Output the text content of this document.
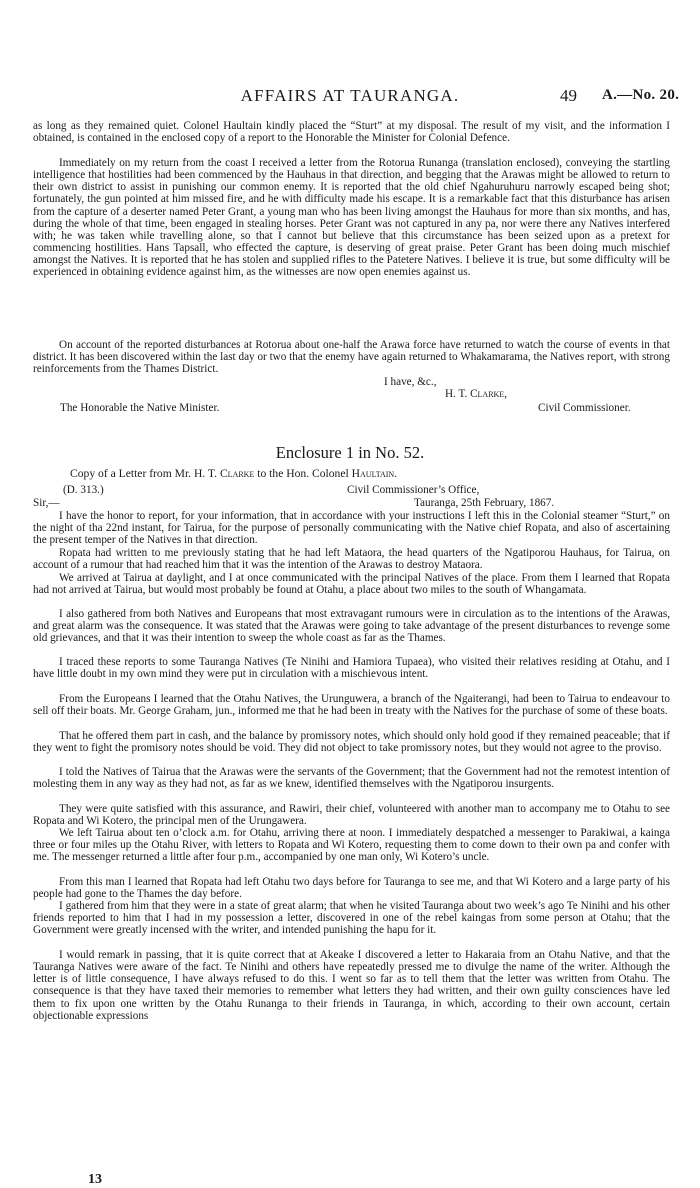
AFFAIRS AT TAURANGA.	49 A.—No. 20.
as long as they remained quiet. Colonel Haultain kindly placed the “Sturt” at my disposal. The result of my visit, and the information I obtained, is contained in the enclosed copy of a report to the Honorable the Minister for Colonial Defence.
Immediately on my return from the coast I received a letter from the Rotorua Runanga (translation enclosed), conveying the startling intelligence that hostilities had been commenced by the Hauhaus in that direction, and begging that the Arawas might be allowed to return to their own district to assist in punishing our common enemy. It is reported that the old chief Ngahuruhuru narrowly escaped being shot; fortunately, the gun pointed at him missed fire, and he with difficulty made his escape. It is a remarkable fact that this disturbance has arisen from the capture of a deserter named Peter Grant, a young man who has been living amongst the Hauhaus for more than six months, and has, during the whole of that time, been engaged in stealing horses. Peter Grant was not captured in any pa, nor were there any Natives interfered with; he was taken while travelling alone, so that I cannot but believe that this circumstance has been seized upon as a pretext for commencing hostilities. Hans Tapsall, who effected the capture, is deserving of great praise. Peter Grant has been doing much mischief amongst the Natives. It is reported that he has stolen and supplied rifles to the Patetere Natives. I believe it is true, but some difficulty will be experienced in obtaining evidence against him, as the witnesses are now open enemies against us.
On account of the reported disturbances at Rotorua about one-half the Arawa force have returned to watch the course of events in that district. It has been discovered within the last day or two that the enemy have again returned to Whakamarama, the Natives report, with strong reinforcements from the Thames District.
I have, &c.,
H. T. Clarke,
The Honorable the Native Minister.	Civil Commissioner.
Enclosure 1 in No. 52.
Copy of a Letter from Mr. H. T. Clarke to the Hon. Colonel Haultain.
(D. 313.)	Civil Commissioner’s Office,
Sir,—	Tauranga, 25th February, 1867.
I have the honor to report, for your information, that in accordance with your instructions I left this in the Colonial steamer “Sturt,” on the night of tha 22nd instant, for Tairua, for the purpose of personally communicating with the Native chief Ropata, and also of ascertaining the present temper of the Natives in that direction.
Ropata had written to me previously stating that he had left Mataora, the head quarters of the Ngatiporou Hauhaus, for Tairua, on account of a rumour that had reached him that it was the intention of the Arawas to destroy Mataora.
We arrived at Tairua at daylight, and I at once communicated with the principal Natives of the place. From them I learned that Ropata had not arrived at Tairua, but would most probably be found at Otahu, a place about two miles to the south of Whangamata.
I also gathered from both Natives and Europeans that most extravagant rumours were in circulation as to the intentions of the Arawas, and great alarm was the consequence. It was stated that the Arawas were going to take advantage of the present disturbances to revenge some old grievances, and that it was their intention to sweep the whole coast as far as the Thames.
I traced these reports to some Tauranga Natives (Te Ninihi and Hamiora Tupaea), who visited their relatives residing at Otahu, and I have little doubt in my own mind they were put in circulation with a mischievous intent.
From the Europeans I learned that the Otahu Natives, the Urunguwera, a branch of the Ngaiterangi, had been to Tairua to endeavour to sell off their boats. Mr. George Graham, jun., informed me that he had been in treaty with the Natives for the purchase of some of these boats.
That he offered them part in cash, and the balance by promissory notes, which should only hold good if they remained peaceable; that if they went to fight the promisory notes should be void. They did not object to take promissory notes, but they would not agree to the proviso.
I told the Natives of Tairua that the Arawas were the servants of the Government; that the Government had not the remotest intention of molesting them in any way as they had not, as far as we knew, identified themselves with the Ngatiporou insurgents.
They were quite satisfied with this assurance, and Rawiri, their chief, volunteered with another man to accompany me to Otahu to see Ropata and Wi Kotero, the principal men of the Urungawera.
We left Tairua about ten o’clock a.m. for Otahu, arriving there at noon. I immediately despatched a messenger to Parakiwai, a kainga three or four miles up the Otahu River, with letters to Ropata and Wi Kotero, requesting them to come down to their own pa and confer with me. The messenger returned a little after four p.m., accompanied by one man only, Wi Kotero’s uncle.
From this man I learned that Ropata had left Otahu two days before for Tauranga to see me, and that Wi Kotero and a large party of his people had gone to the Thames the day before.
I gathered from him that they were in a state of great alarm; that when he visited Tauranga about two week’s ago Te Ninihi and his other friends reported to him that I had in my possession a letter, discovered in one of the rebel kaingas from some person at Otahu; that the Government were greatly incensed with the writer, and intended punishing the hapu for it.
I would remark in passing, that it is quite correct that at Akeake I discovered a letter to Hakaraia from an Otahu Native, and that the Tauranga Natives were aware of the fact. Te Ninihi and others have repeatedly pressed me to divulge the name of the writer. Although the letter is of little consequence, I have always refused to do this. I went so far as to tell them that the letter was written from Otahu. The consequence is that they have taxed their memories to remember what letters they had written, and their own guilty consciences have led them to fix upon one written by the Otahu Runanga to their friends in Tauranga, in which, according to their own account, certain objectionable expressions
13
